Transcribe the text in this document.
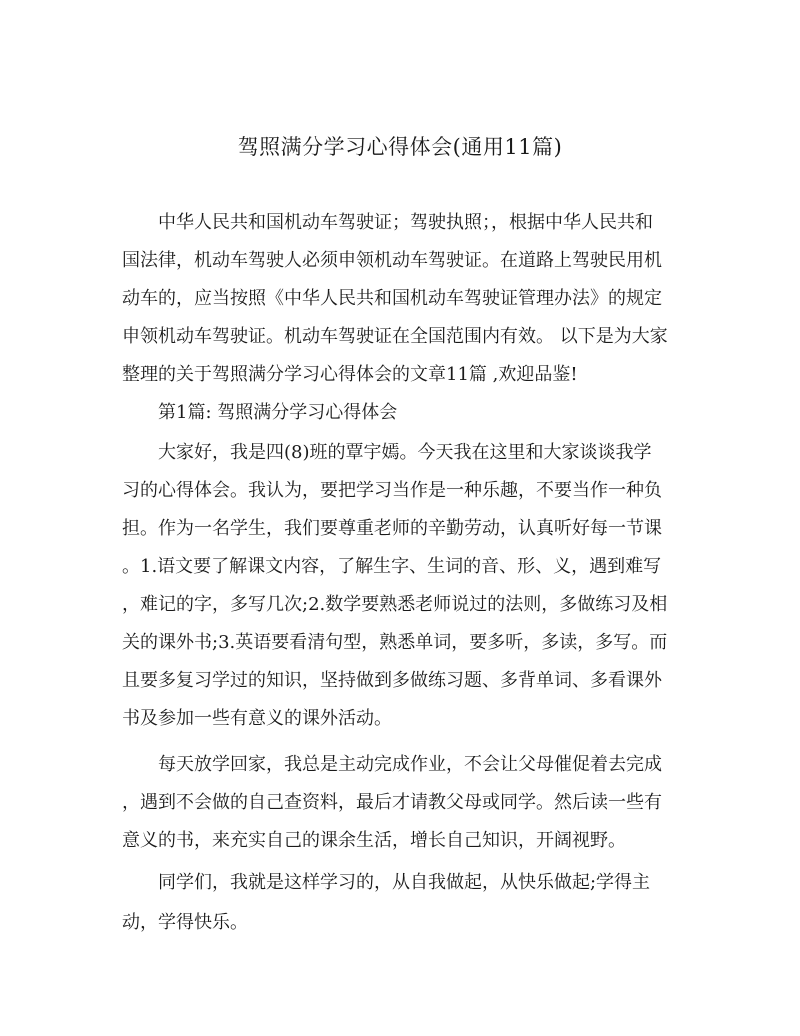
驾照满分学习心得体会(通用11篇)
　　中华人民共和国机动车驾驶证；驾驶执照；，根据中华人民共和
国法律，机动车驾驶人必须申领机动车驾驶证。在道路上驾驶民用机
动车的，应当按照《中华人民共和国机动车驾驶证管理办法》的规定
申领机动车驾驶证。机动车驾驶证在全国范围内有效。 以下是为大家
整理的关于驾照满分学习心得体会的文章11篇 ,欢迎品鉴!
　　第1篇: 驾照满分学习心得体会
　　大家好，我是四(8)班的覃宇嫣。今天我在这里和大家谈谈我学
习的心得体会。我认为，要把学习当作是一种乐趣，不要当作一种负
担。作为一名学生，我们要尊重老师的辛勤劳动，认真听好每一节课
。1.语文要了解课文内容，了解生字、生词的音、形、义，遇到难写
，难记的字，多写几次;2.数学要熟悉老师说过的法则，多做练习及相
关的课外书;3.英语要看清句型，熟悉单词，要多听，多读，多写。而
且要多复习学过的知识，坚持做到多做练习题、多背单词、多看课外
书及参加一些有意义的课外活动。
　　每天放学回家，我总是主动完成作业，不会让父母催促着去完成
，遇到不会做的自己查资料，最后才请教父母或同学。然后读一些有
意义的书，来充实自己的课余生活，增长自己知识，开阔视野。
　　同学们，我就是这样学习的，从自我做起，从快乐做起;学得主
动，学得快乐。
